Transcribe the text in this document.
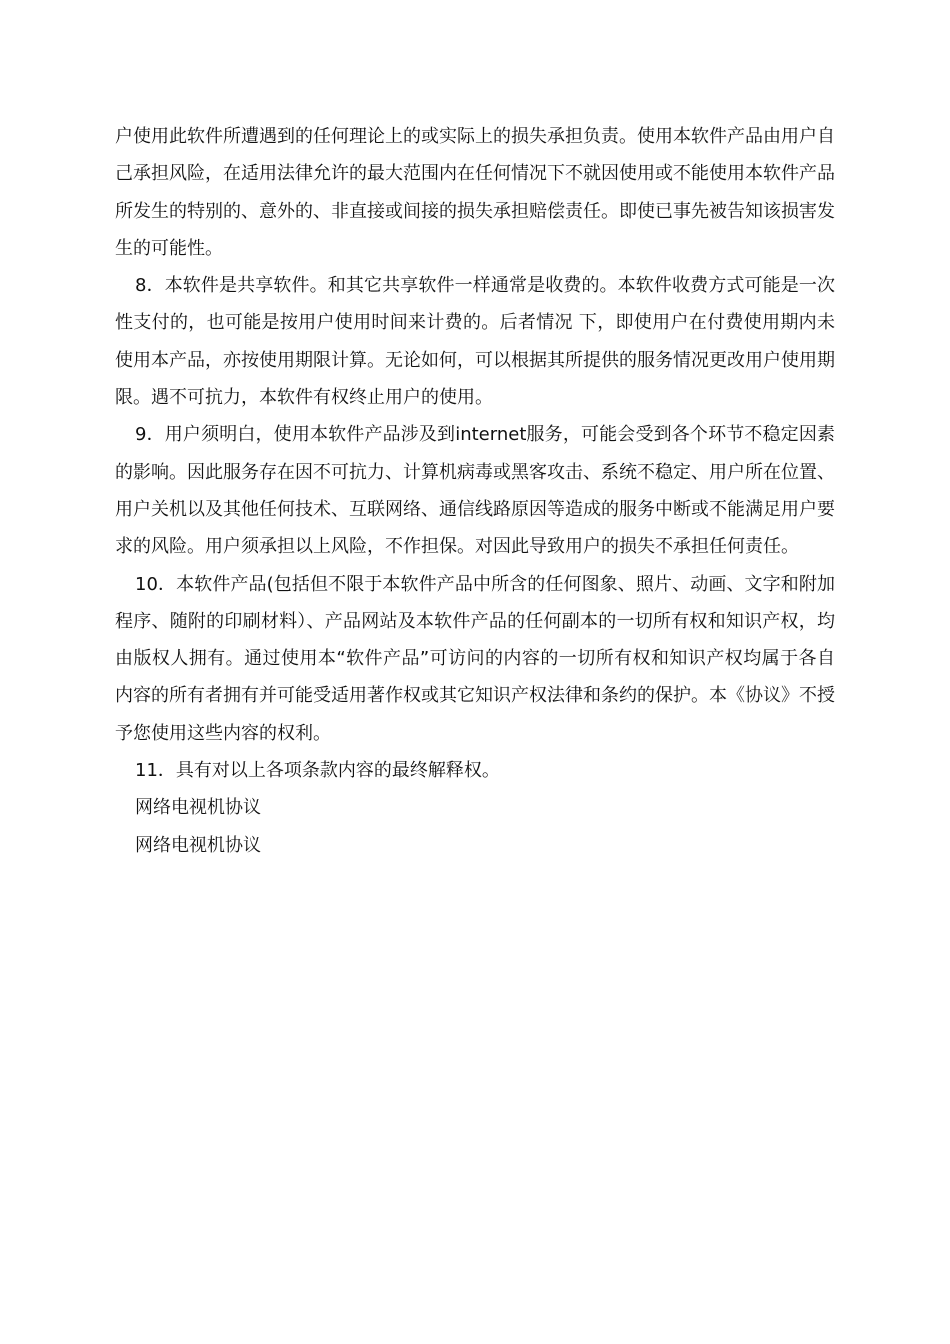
户使用此软件所遭遇到的任何理论上的或实际上的损失承担负责。使用本软件产品由用户自己承担风险，在适用法律允许的最大范围内在任何情况下不就因使用或不能使用本软件产品所发生的特别的、意外的、非直接或间接的损失承担赔偿责任。即使已事先被告知该损害发生的可能性。

8．本软件是共享软件。和其它共享软件一样通常是收费的。本软件收费方式可能是一次性支付的，也可能是按用户使用时间来计费的。后者情况 下，即使用户在付费使用期内未使用本产品，亦按使用期限计算。无论如何，可以根据其所提供的服务情况更改用户使用期限。遇不可抗力，本软件有权终止用户的使用。

9．用户须明白，使用本软件产品涉及到internet服务，可能会受到各个环节不稳定因素的影响。因此服务存在因不可抗力、计算机病毒或黑客攻击、系统不稳定、用户所在位置、用户关机以及其他任何技术、互联网络、通信线路原因等造成的服务中断或不能满足用户要求的风险。用户须承担以上风险，不作担保。对因此导致用户的损失不承担任何责任。

10．本软件产品(包括但不限于本软件产品中所含的任何图象、照片、动画、文字和附加程序、随附的印刷材料）、产品网站及本软件产品的任何副本的一切所有权和知识产权，均由版权人拥有。通过使用本“软件产品”可访问的内容的一切所有权和知识产权均属于各自内容的所有者拥有并可能受适用著作权或其它知识产权法律和条约的保护。本《协议》不授予您使用这些内容的权利。

11．具有对以上各项条款内容的最终解释权。

网络电视机协议

网络电视机协议
